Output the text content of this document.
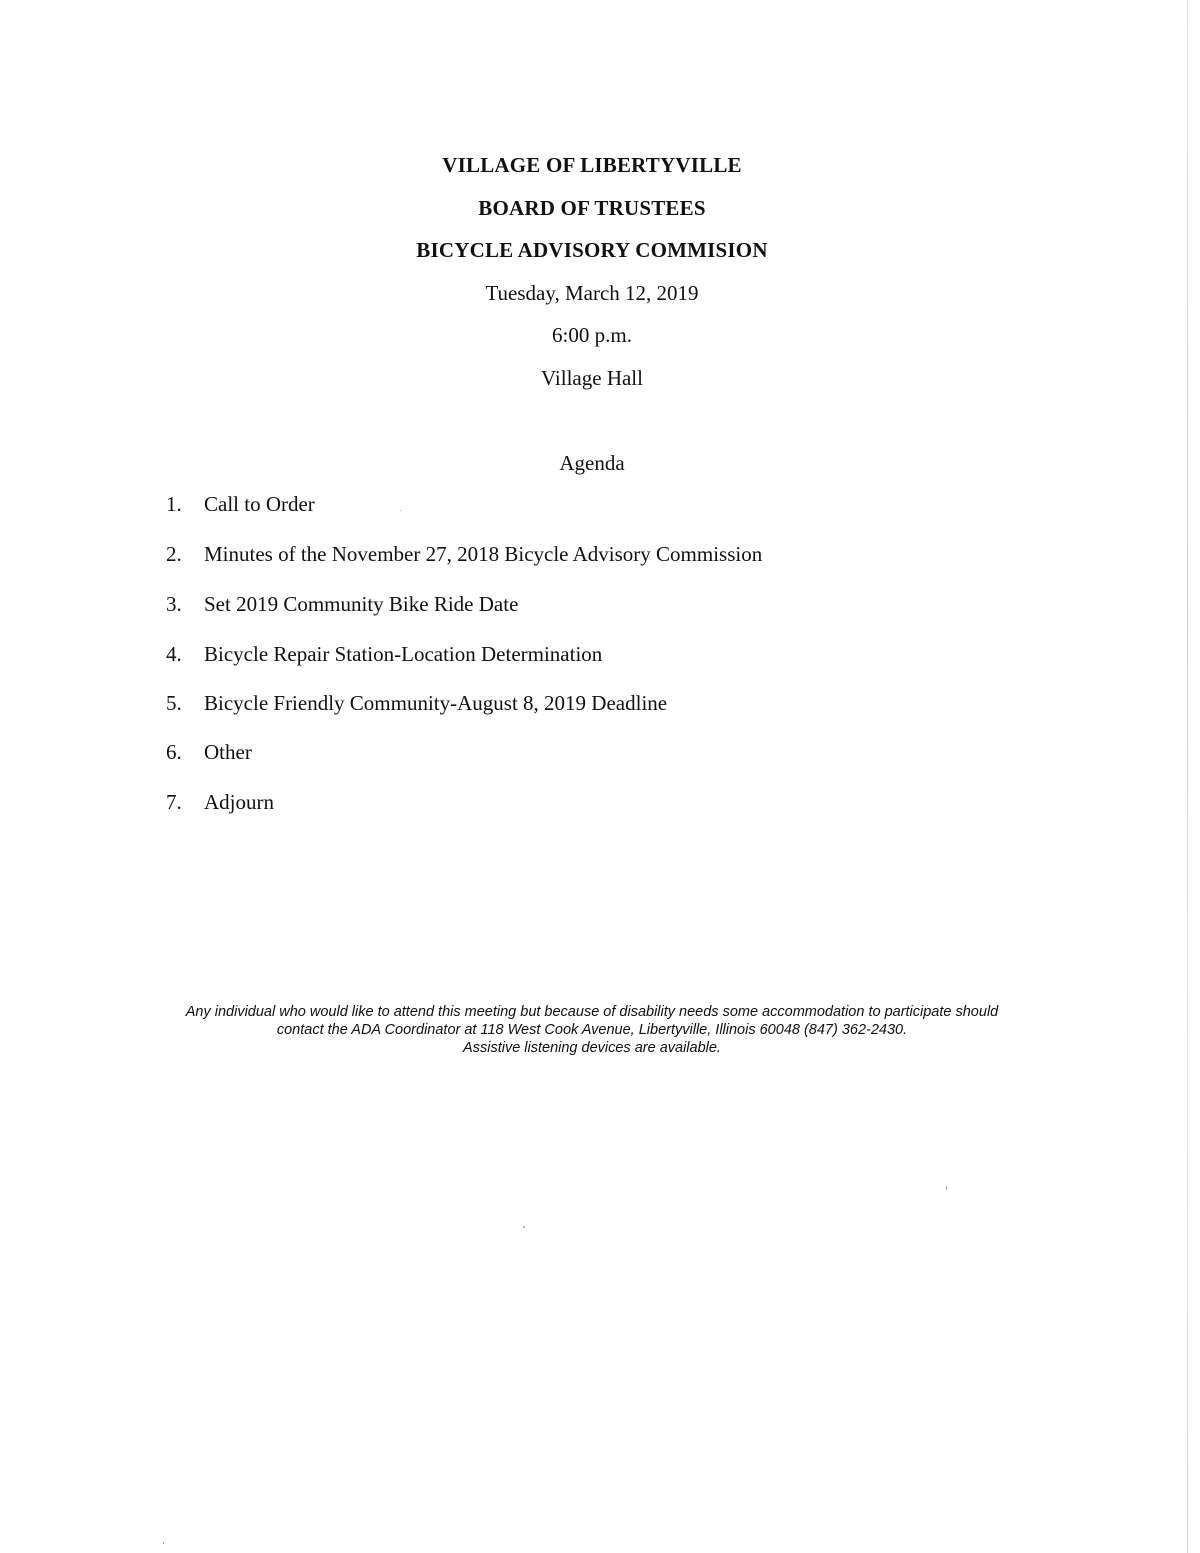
VILLAGE OF LIBERTYVILLE
BOARD OF TRUSTEES
BICYCLE ADVISORY COMMISION
Tuesday, March 12, 2019
6:00 p.m.
Village Hall
Agenda
1.	Call to Order
2.	Minutes of the November 27, 2018 Bicycle Advisory Commission
3.	Set 2019 Community Bike Ride Date
4.	Bicycle Repair Station-Location Determination
5.	Bicycle Friendly Community-August 8, 2019 Deadline
6.	Other
7.	Adjourn
Any individual who would like to attend this meeting but because of disability needs some accommodation to participate should
contact the ADA Coordinator at 118 West Cook Avenue, Libertyville, Illinois 60048 (847) 362-2430.
Assistive listening devices are available.
